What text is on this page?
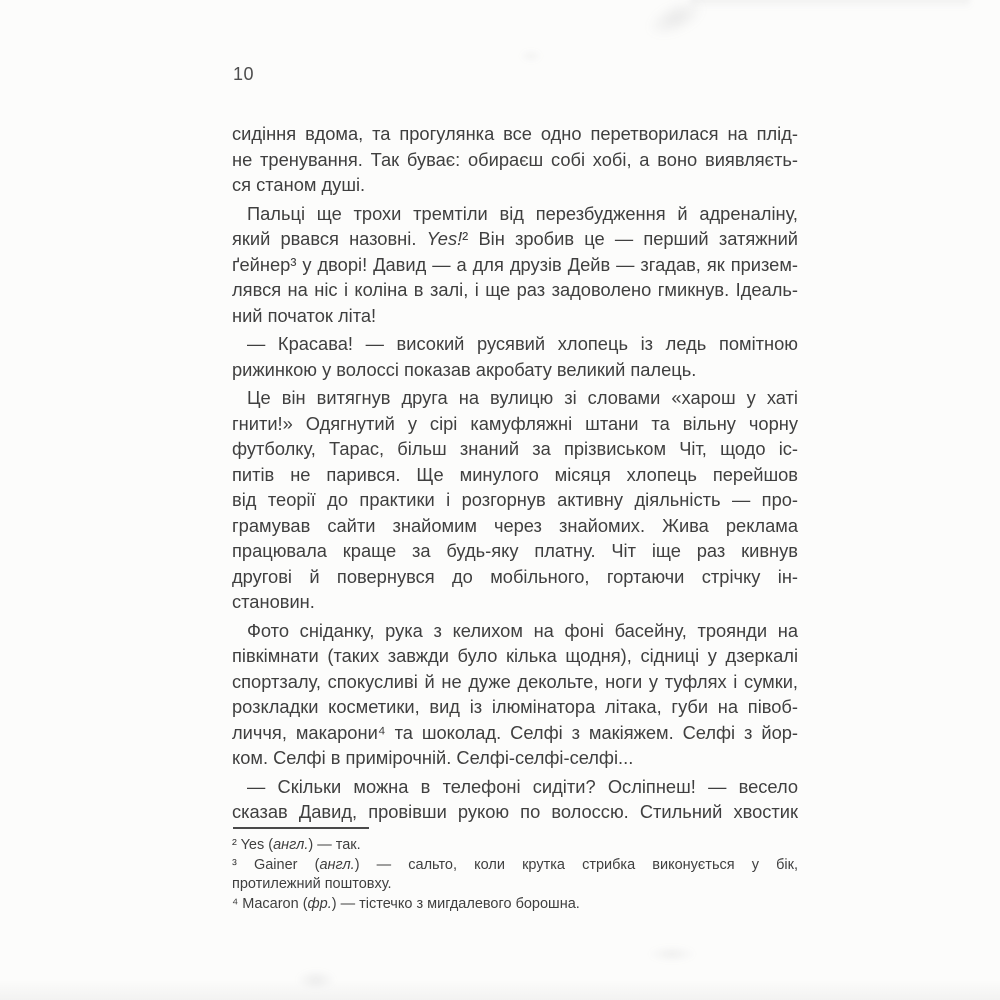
10
сидіння вдома, та прогулянка все одно перетворилася на плід-
не тренування. Так буває: обираєш собі хобі, а воно виявляєть-
ся станом душі.
Пальці ще трохи тремтіли від перезбудження й адреналіну,
який рвався назовні. Yes!² Він зробив це — перший затяжний
ґейнер³ у дворі! Давид — а для друзів Дейв — згадав, як призем-
лявся на ніс і коліна в залі, і ще раз задоволено гмикнув. Ідеаль-
ний початок літа!
— Красава! — високий русявий хлопець із ледь помітною
рижинкою у волоссі показав акробату великий палець.
Це він витягнув друга на вулицю зі словами «харош у хаті
гнити!» Одягнутий у сірі камуфляжні штани та вільну чорну
футболку, Тарас, більш знаний за прізвиськом Чіт, щодо іс-
питів не парився. Ще минулого місяця хлопець перейшов
від теорії до практики і розгорнув активну діяльність — про-
грамував сайти знайомим через знайомих. Жива реклама
працювала краще за будь-яку платну. Чіт іще раз кивнув
другові й повернувся до мобільного, гортаючи стрічку ін-
становин.
Фото сніданку, рука з келихом на фоні басейну, троянди на
півкімнати (таких завжди було кілька щодня), сідниці у дзеркалі
спортзалу, спокусливі й не дуже декольте, ноги у туфлях і сумки,
розкладки косметики, вид із ілюмінатора літака, губи на півоб-
личчя, макарони⁴ та шоколад. Селфі з макіяжем. Селфі з йор-
ком. Селфі в примірочній. Селфі-селфі-селфі...
— Скільки можна в телефоні сидіти? Осліпнеш! — весело
сказав Давид, провівши рукою по волоссю. Стильний хвостик
² Yes (англ.) — так.
³ Gainer (англ.) — сальто, коли крутка стрибка виконується у бік,
протилежний поштовху.
⁴ Macaron (фр.) — тістечко з мигдалевого борошна.
